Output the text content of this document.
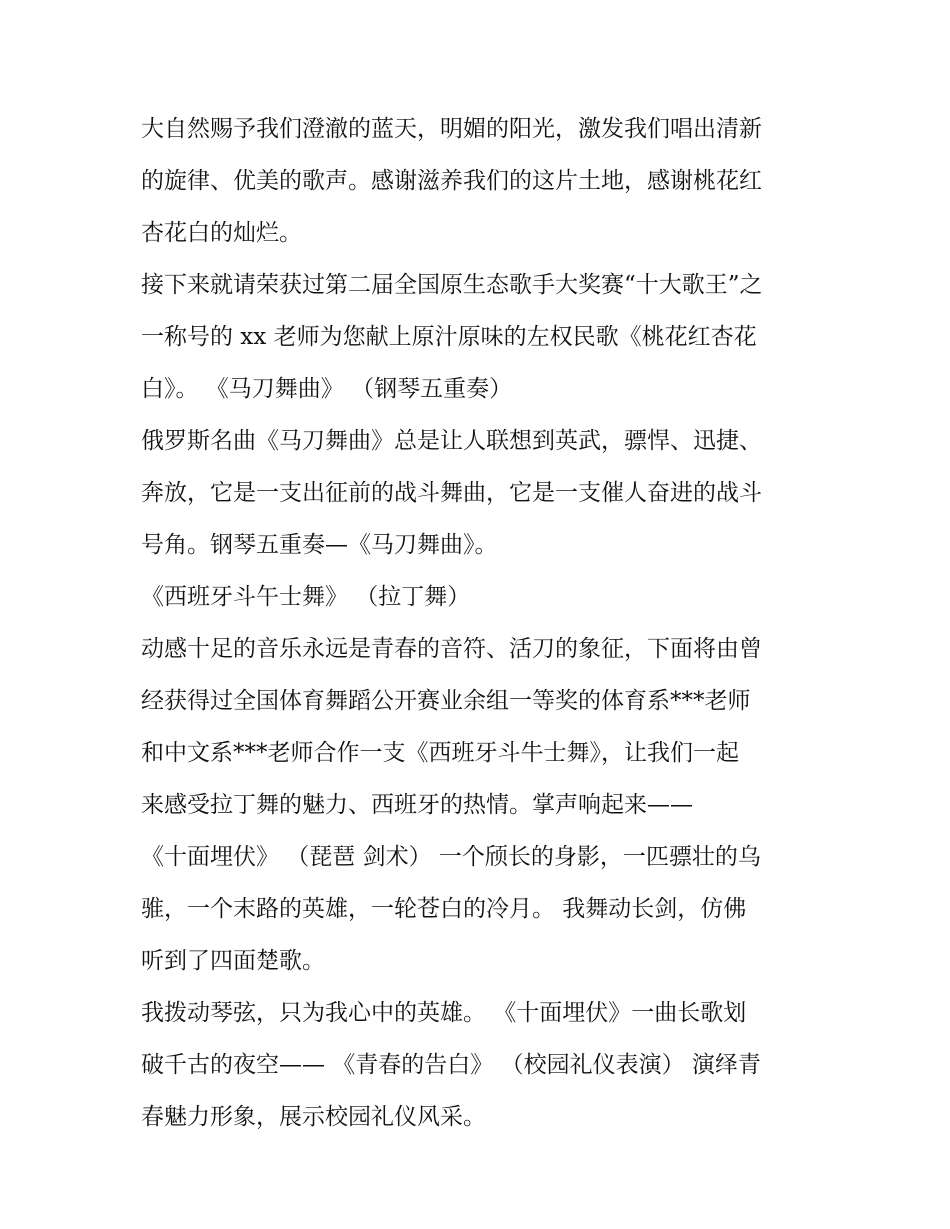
大自然赐予我们澄澈的蓝天，明媚的阳光，激发我们唱出清新
的旋律、优美的歌声。感谢滋养我们的这片土地，感谢桃花红
杏花白的灿烂。
接下来就请荣获过第二届全国原生态歌手大奖赛“十大歌王”之
一称号的 xx 老师为您献上原汁原味的左权民歌《桃花红杏花
白》。 《马刀舞曲》 （钢琴五重奏）
俄罗斯名曲《马刀舞曲》总是让人联想到英武，骠悍、迅捷、
奔放，它是一支出征前的战斗舞曲，它是一支催人奋进的战斗
号角。钢琴五重奏—《马刀舞曲》。
《西班牙斗午士舞》 （拉丁舞）
动感十足的音乐永远是青春的音符、活刀的象征，下面将由曾
经获得过全国体育舞蹈公开赛业余组一等奖的体育系***老师
和中文系***老师合作一支《西班牙斗牛士舞》，让我们一起
来感受拉丁舞的魅力、西班牙的热情。掌声响起来——
《十面埋伏》 （琵琶 剑术） 一个颀长的身影，一匹骠壮的乌
骓，一个末路的英雄，一轮苍白的冷月。 我舞动长剑，仿佛
听到了四面楚歌。
我拨动琴弦，只为我心中的英雄。 《十面埋伏》一曲长歌划
破千古的夜空—— 《青春的告白》 （校园礼仪表演） 演绎青
春魅力形象，展示校园礼仪风采。
